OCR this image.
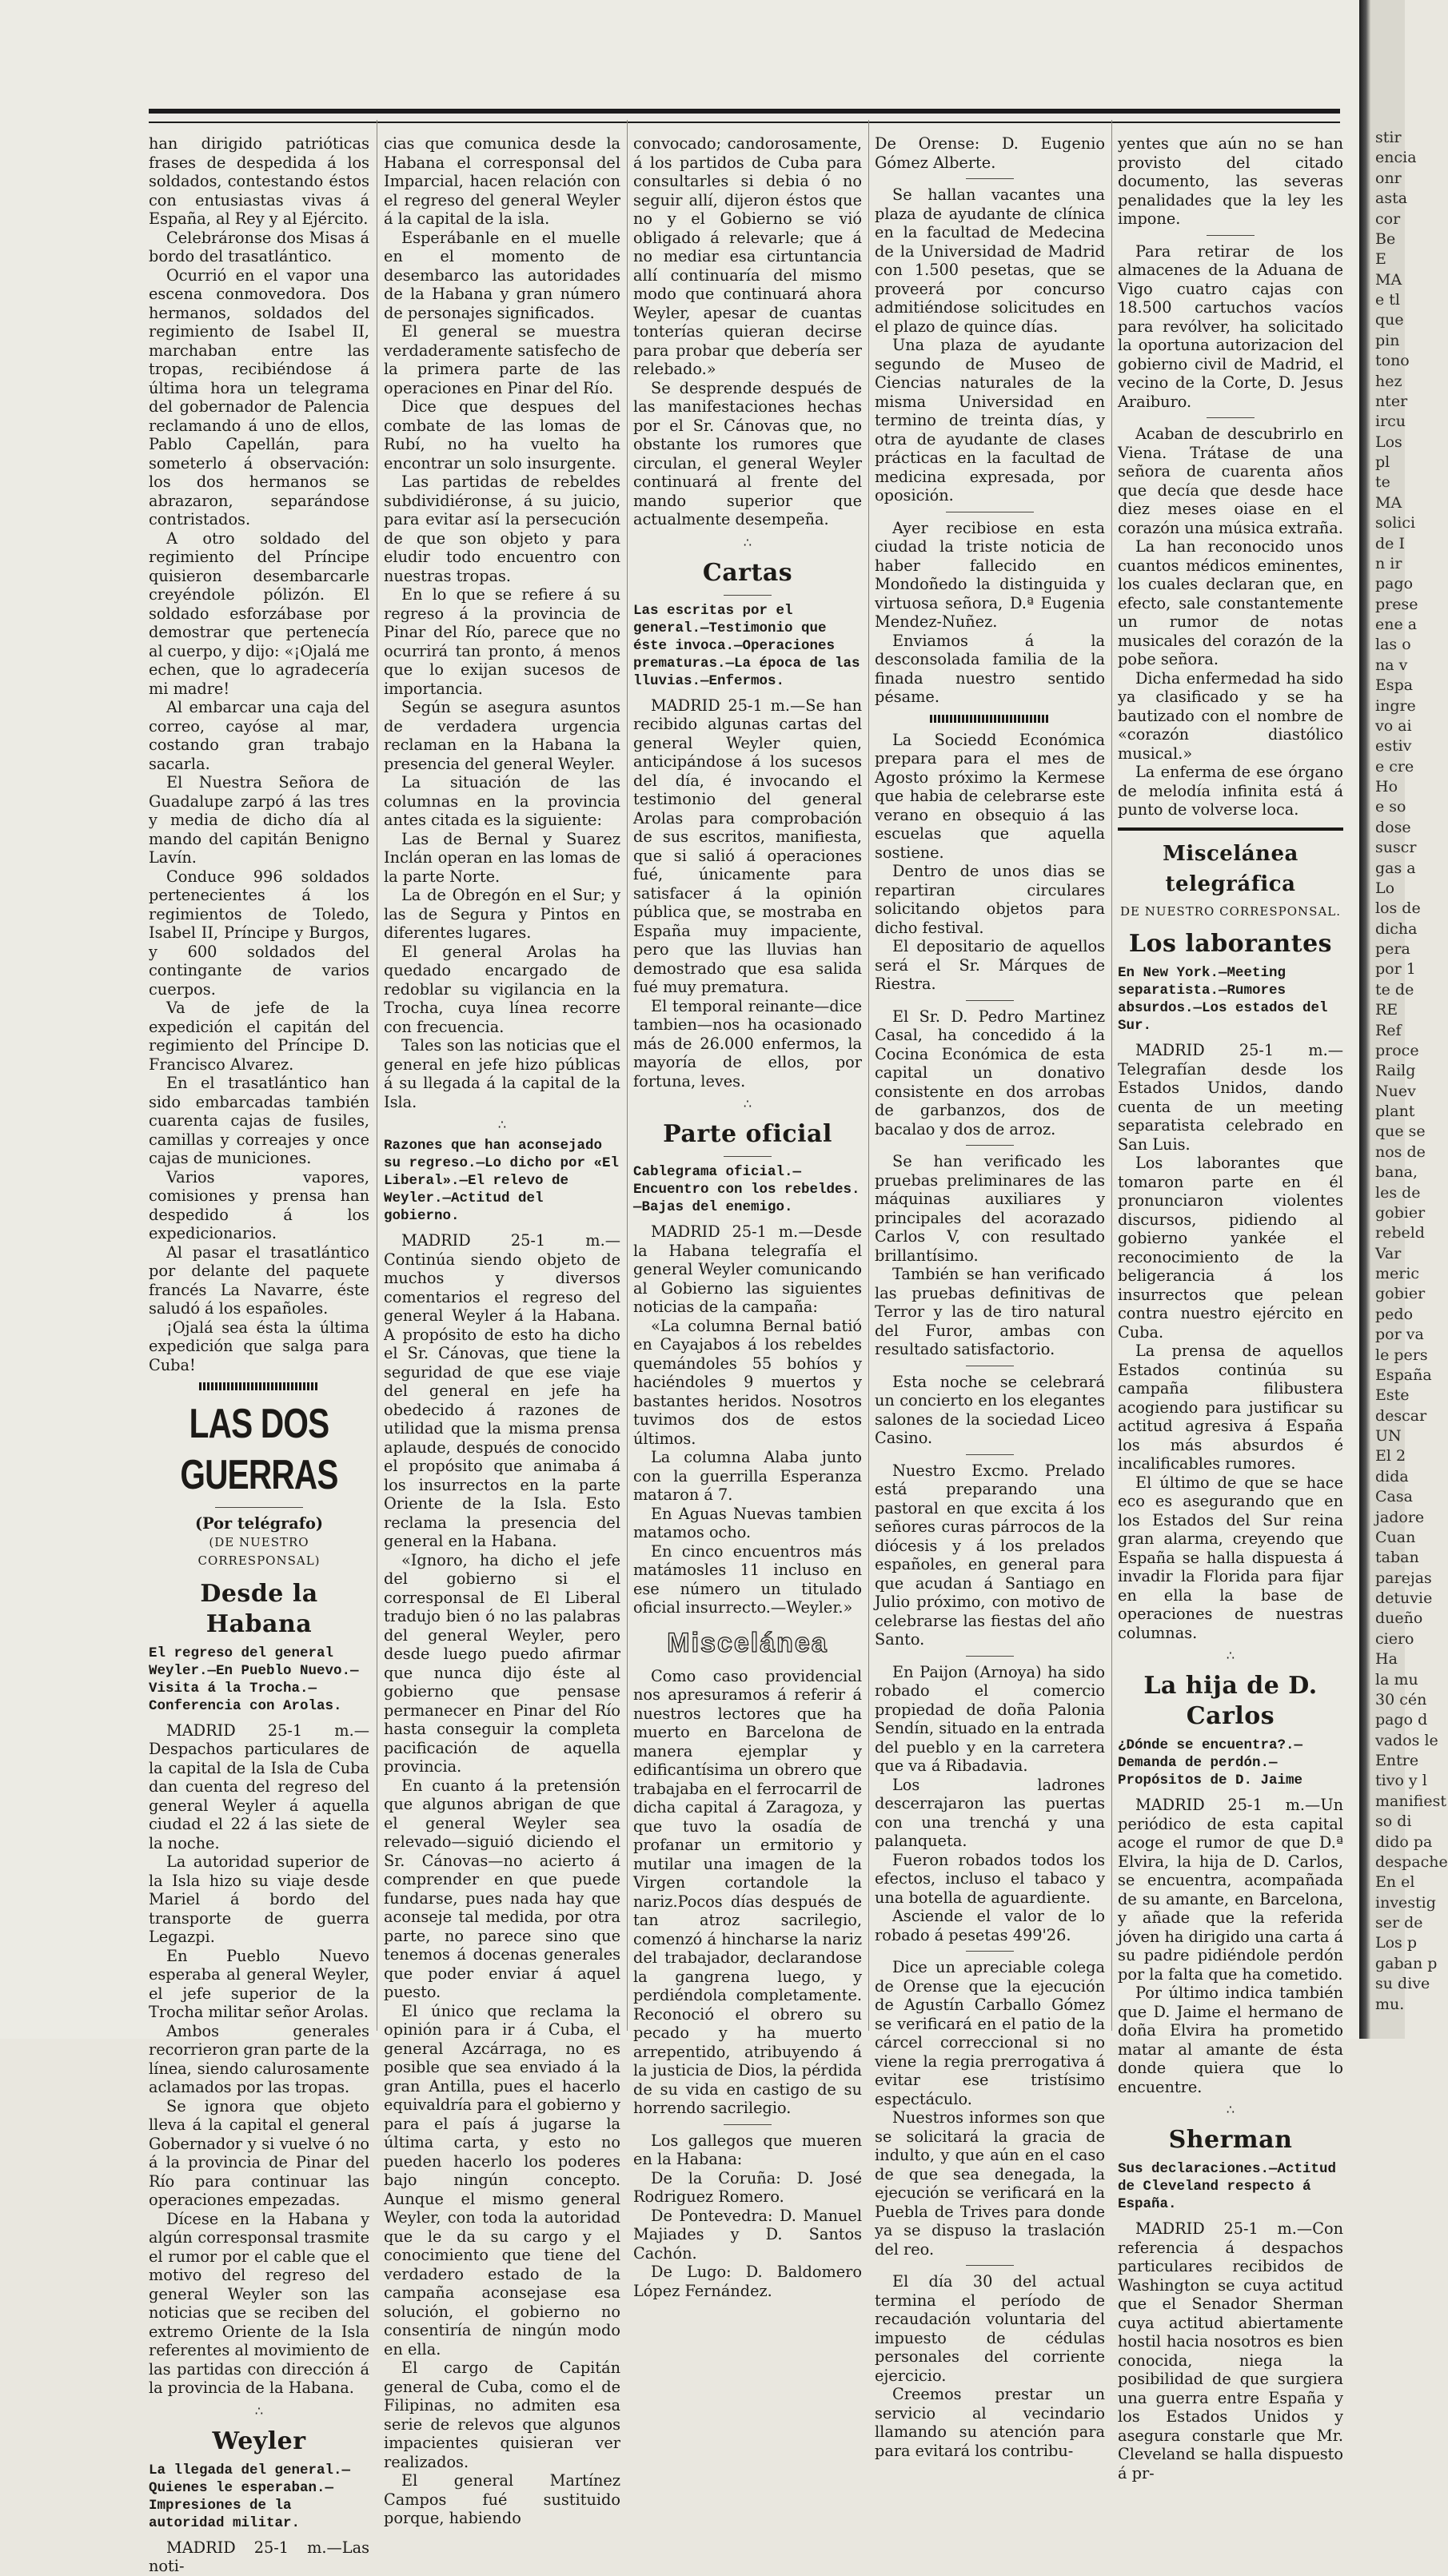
han dirigido patrióticas frases de despedida á los soldados, contestando éstos con entusiastas vivas á España, al Rey y al Ejército.

Celebráronse dos Misas á bordo del trasatlántico.

Ocurrió en el vapor una escena conmovedora. Dos hermanos, soldados del regimiento de Isabel II, marchaban entre las tropas, recibiéndose á última hora un telegrama del gobernador de Palencia reclamando á uno de ellos, Pablo Capellán, para someterlo á observación: los dos hermanos se abrazaron, separándose contristados.

A otro soldado del regimiento del Príncipe quisieron desembarcarle creyéndole pólizón. El soldado esforzábase por demostrar que pertenecía al cuerpo, y dijo: «¡Ojalá me echen, que lo agradecería mi madre!

Al embarcar una caja del correo, cayóse al mar, costando gran trabajo sacarla.

El Nuestra Señora de Guadalupe zarpó á las tres y media de dicho día al mando del capitán Benigno Lavín.

Conduce 996 soldados pertenecientes á los regimientos de Toledo, Isabel II, Príncipe y Burgos, y 600 soldados del contingante de varios cuerpos.

Va de jefe de la expedición el capitán del regimiento del Príncipe D. Francisco Alvarez.

En el trasatlántico han sido embarcadas también cuarenta cajas de fusiles, camillas y correajes y once cajas de municiones.

Varios vapores, comisiones y prensa han despedido á los expedicionarios.

Al pasar el trasatlántico por delante del paquete francés La Navarre, éste saludó á los españoles.

¡Ojalá sea ésta la última expedición que salga para Cuba!

LAS DOS GUERRAS

(Por telégrafo)

(DE NUESTRO CORRESPONSAL)

Desde la Habana
El regreso del general Weyler.—En Pueblo Nuevo.—Visita á la Trocha.—Conferencia con Arolas.

MADRID 25-1 m.—Despachos particulares de la capital de la Isla de Cuba dan cuenta del regreso del general Weyler á aquella ciudad el 22 á las siete de la noche.

La autoridad superior de la Isla hizo su viaje desde Mariel á bordo del transporte de guerra Legazpi.

En Pueblo Nuevo esperaba al general Weyler, el jefe superior de la Trocha militar señor Arolas.

Ambos generales recorrieron gran parte de la línea, siendo calurosamente aclamados por las tropas.

Se ignora que objeto lleva á la capital el general Gobernador y si vuelve ó no á la provincia de Pinar del Río para continuar las operaciones empezadas.

Dícese en la Habana y algún corresponsal trasmite el rumor por el cable que el motivo del regreso del general Weyler son las noticias que se reciben del extremo Oriente de la Isla referentes al movimiento de las partidas con dirección á la provincia de la Habana.

∴
Weyler
La llegada del general.—Quienes le esperaban.—Impresiones de la autoridad militar.

MADRID 25-1 m.—Las noti-

cias que comunica desde la Habana el corresponsal del Imparcial, hacen relación con el regreso del general Weyler á la capital de la isla.

Esperábanle en el muelle en el momento de desembarco las autoridades de la Habana y gran número de personajes significados.

El general se muestra verdaderamente satisfecho de la primera parte de las operaciones en Pinar del Río.

Dice que despues del combate de las lomas de Rubí, no ha vuelto ha encontrar un solo insurgente.

Las partidas de rebeldes subdividiéronse, á su juicio, para evitar así la persecución de que son objeto y para eludir todo encuentro con nuestras tropas.

En lo que se refiere á su regreso á la provincia de Pinar del Río, parece que no ocurrirá tan pronto, á menos que lo exijan sucesos de importancia.

Según se asegura asuntos de verdadera urgencia reclaman en la Habana la presencia del general Weyler.

La situación de las columnas en la provincia antes citada es la siguiente:

Las de Bernal y Suarez Inclán operan en las lomas de la parte Norte.

La de Obregón en el Sur; y las de Segura y Pintos en diferentes lugares.

El general Arolas ha quedado encargado de redoblar su vigilancia en la Trocha, cuya línea recorre con frecuencia.

Tales son las noticias que el general en jefe hizo públicas á su llegada á la capital de la Isla.

∴
Razones que han aconsejado su regreso.—Lo dicho por «El Liberal».—El relevo de Weyler.—Actitud del gobierno.

MADRID 25-1 m.—Continúa siendo objeto de muchos y diversos comentarios el regreso del general Weyler á la Habana. A propósito de esto ha dicho el Sr. Cánovas, que tiene la seguridad de que ese viaje del general en jefe ha obedecido á razones de utilidad que la misma prensa aplaude, después de conocido el propósito que animaba á los insurrectos en la parte Oriente de la Isla. Esto reclama la presencia del general en la Habana.

«Ignoro, ha dicho el jefe del gobierno si el corresponsal de El Liberal tradujo bien ó no las palabras del general Weyler, pero desde luego puedo afirmar que nunca dijo éste al gobierno que pensase permanecer en Pinar del Río hasta conseguir la completa pacificación de aquella provincia.

En cuanto á la pretensión que algunos abrigan de que el general Weyler sea relevado—siguió diciendo el Sr. Cánovas—no acierto á comprender en que puede fundarse, pues nada hay que aconseje tal medida, por otra parte, no parece sino que tenemos á docenas generales que poder enviar á aquel puesto.

El único que reclama la opinión para ir á Cuba, el general Azcárraga, no es posible que sea enviado á la gran Antilla, pues el hacerlo equivaldría para el gobierno y para el país á jugarse la última carta, y esto no pueden hacerlo los poderes bajo ningún concepto. Aunque el mismo general Weyler, con toda la autoridad que le da su cargo y el conocimiento que tiene del verdadero estado de la campaña aconsejase esa solución, el gobierno no consentiría de ningún modo en ella.

El cargo de Capitán general de Cuba, como el de Filipinas, no admiten esa serie de relevos que algunos impacientes quisieran ver realizados.

El general Martínez Campos fué sustituido porque, habiendo

convocado; candorosamente, á los partidos de Cuba para consultarles si debia ó no seguir allí, dijeron éstos que no y el Gobierno se vió obligado á relevarle; que á no mediar esa cirtuntancia allí continuaría del mismo modo que continuará ahora Weyler, apesar de cuantas tonterías quieran decirse para probar que debería ser relebado.»

Se desprende después de las manifestaciones hechas por el Sr. Cánovas que, no obstante los rumores que circulan, el general Weyler continuará al frente del mando superior que actualmente desempeña.

∴
Cartas
Las escritas por el general.—Testimonio que éste invoca.—Operaciones prematuras.—La época de las lluvias.—Enfermos.

MADRID 25-1 m.—Se han recibido algunas cartas del general Weyler quien, anticipándose á los sucesos del día, é invocando el testimonio del general Arolas para comprobación de sus escritos, manifiesta, que si salió á operaciones fué, únicamente para satisfacer á la opinión pública que, se mostraba en España muy impaciente, pero que las lluvias han demostrado que esa salida fué muy prematura.

El temporal reinante—dice tambien—nos ha ocasionado más de 26.000 enfermos, la mayoría de ellos, por fortuna, leves.

∴
Parte oficial
Cablegrama oficial.—Encuentro con los rebeldes.—Bajas del enemigo.

MADRID 25-1 m.—Desde la Habana telegrafía el general Weyler comunicando al Gobierno las siguientes noticias de la campaña:

«La columna Bernal batió en Cayajabos á los rebeldes quemándoles 55 bohíos y haciéndoles 9 muertos y bastantes heridos. Nosotros tuvimos dos de estos últimos.

La columna Alaba junto con la guerrilla Esperanza mataron á 7.

En Aguas Nuevas tambien matamos ocho.

En cinco encuentros más matámosles 11 incluso en ese número un titulado oficial insurrecto.—Weyler.»

Miscelánea

Como caso providencial nos apresuramos á referir á nuestros lectores que ha muerto en Barcelona de manera ejemplar y edificantísima un obrero que trabajaba en el ferrocarril de dicha capital á Zaragoza, y que tuvo la osadía de profanar un ermitorio y mutilar una imagen de la Virgen cortandole la nariz.Pocos días después de tan atroz sacrilegio, comenzó á hincharse la nariz del trabajador, declarandose la gangrena luego, y perdiéndola completamente. Reconoció el obrero su pecado y ha muerto arrepentido, atribuyendo á la justicia de Dios, la pérdida de su vida en castigo de su horrendo sacrilegio.

Los gallegos que mueren en la Habana:

De la Coruña: D. José Rodriguez Romero.

De Pontevedra: D. Manuel Majiades y D. Santos Cachón.

De Lugo: D. Baldomero López Fernández.

De Orense: D. Eugenio Gómez Alberte.

Se hallan vacantes una plaza de ayudante de clínica en la facultad de Medecina de la Universidad de Madrid con 1.500 pesetas, que se proveerá por concurso admitiéndose solicitudes en el plazo de quince días.

Una plaza de ayudante segundo de Museo de Ciencias naturales de la misma Universidad en termino de treinta días, y otra de ayudante de clases prácticas en la facultad de medicina expresada, por oposición.

Ayer recibiose en esta ciudad la triste noticia de haber fallecido en Mondoñedo la distinguida y virtuosa señora, D.ª Eugenia Mendez-Nuñez.

Enviamos á la desconsolada familia de la finada nuestro sentido pésame.

La Sociedd Económica prepara para el mes de Agosto próximo la Kermese que habia de celebrarse este verano en obsequio á las escuelas que aquella sostiene.

Dentro de unos dias se repartiran circulares solicitando objetos para dicho festival.

El depositario de aquellos será el Sr. Márques de Riestra.

El Sr. D. Pedro Martinez Casal, ha concedido á la Cocina Económica de esta capital un donativo consistente en dos arrobas de garbanzos, dos de bacalao y dos de arroz.

Se han verificado les pruebas preliminares de las máquinas auxiliares y principales del acorazado Carlos V, con resultado brillantísimo.

También se han verificado las pruebas definitivas de Terror y las de tiro natural del Furor, ambas con resultado satisfactorio.

Esta noche se celebrará un concierto en los elegantes salones de la sociedad Liceo Casino.

Nuestro Excmo. Prelado está preparando una pastoral en que excita á los señores curas párrocos de la diócesis y á los prelados españoles, en general para que acudan á Santiago en Julio próximo, con motivo de celebrarse las fiestas del año Santo.

En Paijon (Arnoya) ha sido robado el comercio propiedad de doña Palonia Sendín, situado en la entrada del pueblo y en la carretera que va á Ribadavia.

Los ladrones descerrajaron las puertas con una trenchá y una palanqueta.

Fueron robados todos los efectos, incluso el tabaco y una botella de aguardiente.

Asciende el valor de lo robado á pesetas 499'26.

Dice un apreciable colega de Orense que la ejecución de Agustín Carballo Gómez se verificará en el patio de la cárcel correccional si no viene la regia prerrogativa á evitar ese tristísimo espectáculo.

Nuestros informes son que se solicitará la gracia de indulto, y que aún en el caso de que sea denegada, la ejecución se verificará en la Puebla de Trives para donde ya se dispuso la traslación del reo.

El día 30 del actual termina el período de recaudación voluntaria del impuesto de cédulas personales del corriente ejercicio.

Creemos prestar un servicio al vecindario llamando su atención para para evitará los contribu-

yentes que aún no se han provisto del citado documento, las severas penalidades que la ley les impone.

Para retirar de los almacenes de la Aduana de Vigo cuatro cajas con 18.500 cartuchos vacíos para revólver, ha solicitado la oportuna autorizacion del gobierno civil de Madrid, el vecino de la Corte, D. Jesus Araiburo.

Acaban de descubrirlo en Viena. Trátase de una señora de cuarenta años que decía que desde hace diez meses oiase en el corazón una música extraña.

La han reconocido unos cuantos médicos eminentes, los cuales declaran que, en efecto, sale constantemente un rumor de notas musicales del corazón de la pobe señora.

Dicha enfermedad ha sido ya clasificado y se ha bautizado con el nombre de «corazón diastólico musical.»

La enferma de ese órgano de melodía infinita está á punto de volverse loca.

Miscelánea telegráfica

DE NUESTRO CORRESPONSAL.

Los laborantes
En New York.—Meeting separatista.—Rumores absurdos.—Los estados del Sur.

MADRID 25-1 m.—Telegrafían desde los Estados Unidos, dando cuenta de un meeting separatista celebrado en San Luis.

Los laborantes que tomaron parte en él pronunciaron violentes discursos, pidiendo al gobierno yankée el reconocimiento de la beligerancia á los insurrectos que pelean contra nuestro ejército en Cuba.

La prensa de aquellos Estados continúa su campaña filibustera acogiendo para justificar su actitud agresiva á España los más absurdos é incalificables rumores.

El último de que se hace eco es asegurando que en los Estados del Sur reina gran alarma, creyendo que España se halla dispuesta á invadir la Florida para fijar en ella la base de operaciones de nuestras columnas.

∴
La hija de D. Carlos
¿Dónde se encuentra?.—Demanda de perdón.—Propósitos de D. Jaime

MADRID 25-1 m.—Un periódico de esta capital acoge el rumor de que D.ª Elvira, la hija de D. Carlos, se encuentra, acompañada de su amante, en Barcelona, y añade que la referida jóven ha dirigido una carta á su padre pidiéndole perdón por la falta que ha cometido.

Por último indica también que D. Jaime el hermano de doña Elvira ha prometido matar al amante de ésta donde quiera que lo encuentre.

∴
Sherman
Sus declaraciones.—Actitud de Cleveland respecto á España.

MADRID 25-1 m.—Con referencia á despachos particulares recibidos de Washington se cuya actitud que el Senador Sherman cuya actitud abiertamente hostil hacia nosotros es bien conocida, niega la posibilidad de que surgiera una guerra entre España y los Estados Unidos y asegura constarle que Mr. Cleveland se halla dispuesto á pr-

stir
encia
onr
asta
cor
Be
E
MA
e tl
que
pin
tono
hez
nter
ircu
Los
pl
te
MA
solici
de I
n ir
pago
prese
ene a
las o
na v
Espa
ingre
vo ai
estiv
e cre
Ho
e so
dose
suscr
gas a
Lo
los de
dicha
pera
por 1
te de
RE
Ref
proce
Railg
Nuev
plant
que se
nos de
bana,
les de
gobier
rebeld
Var
meric
gobier
pedo
por va
le pers
España
Este
descar
UN
El 2
dida
Casa
jadore
Cuan
taban
parejas
detuvie
dueño
ciero
Ha
la mu
30 cén
pago d
vados le
Entre
tivo y l
manifiest
so di
dido pa
despache
En el
investig
ser de
Los p
gaban p
su dive
mu.
